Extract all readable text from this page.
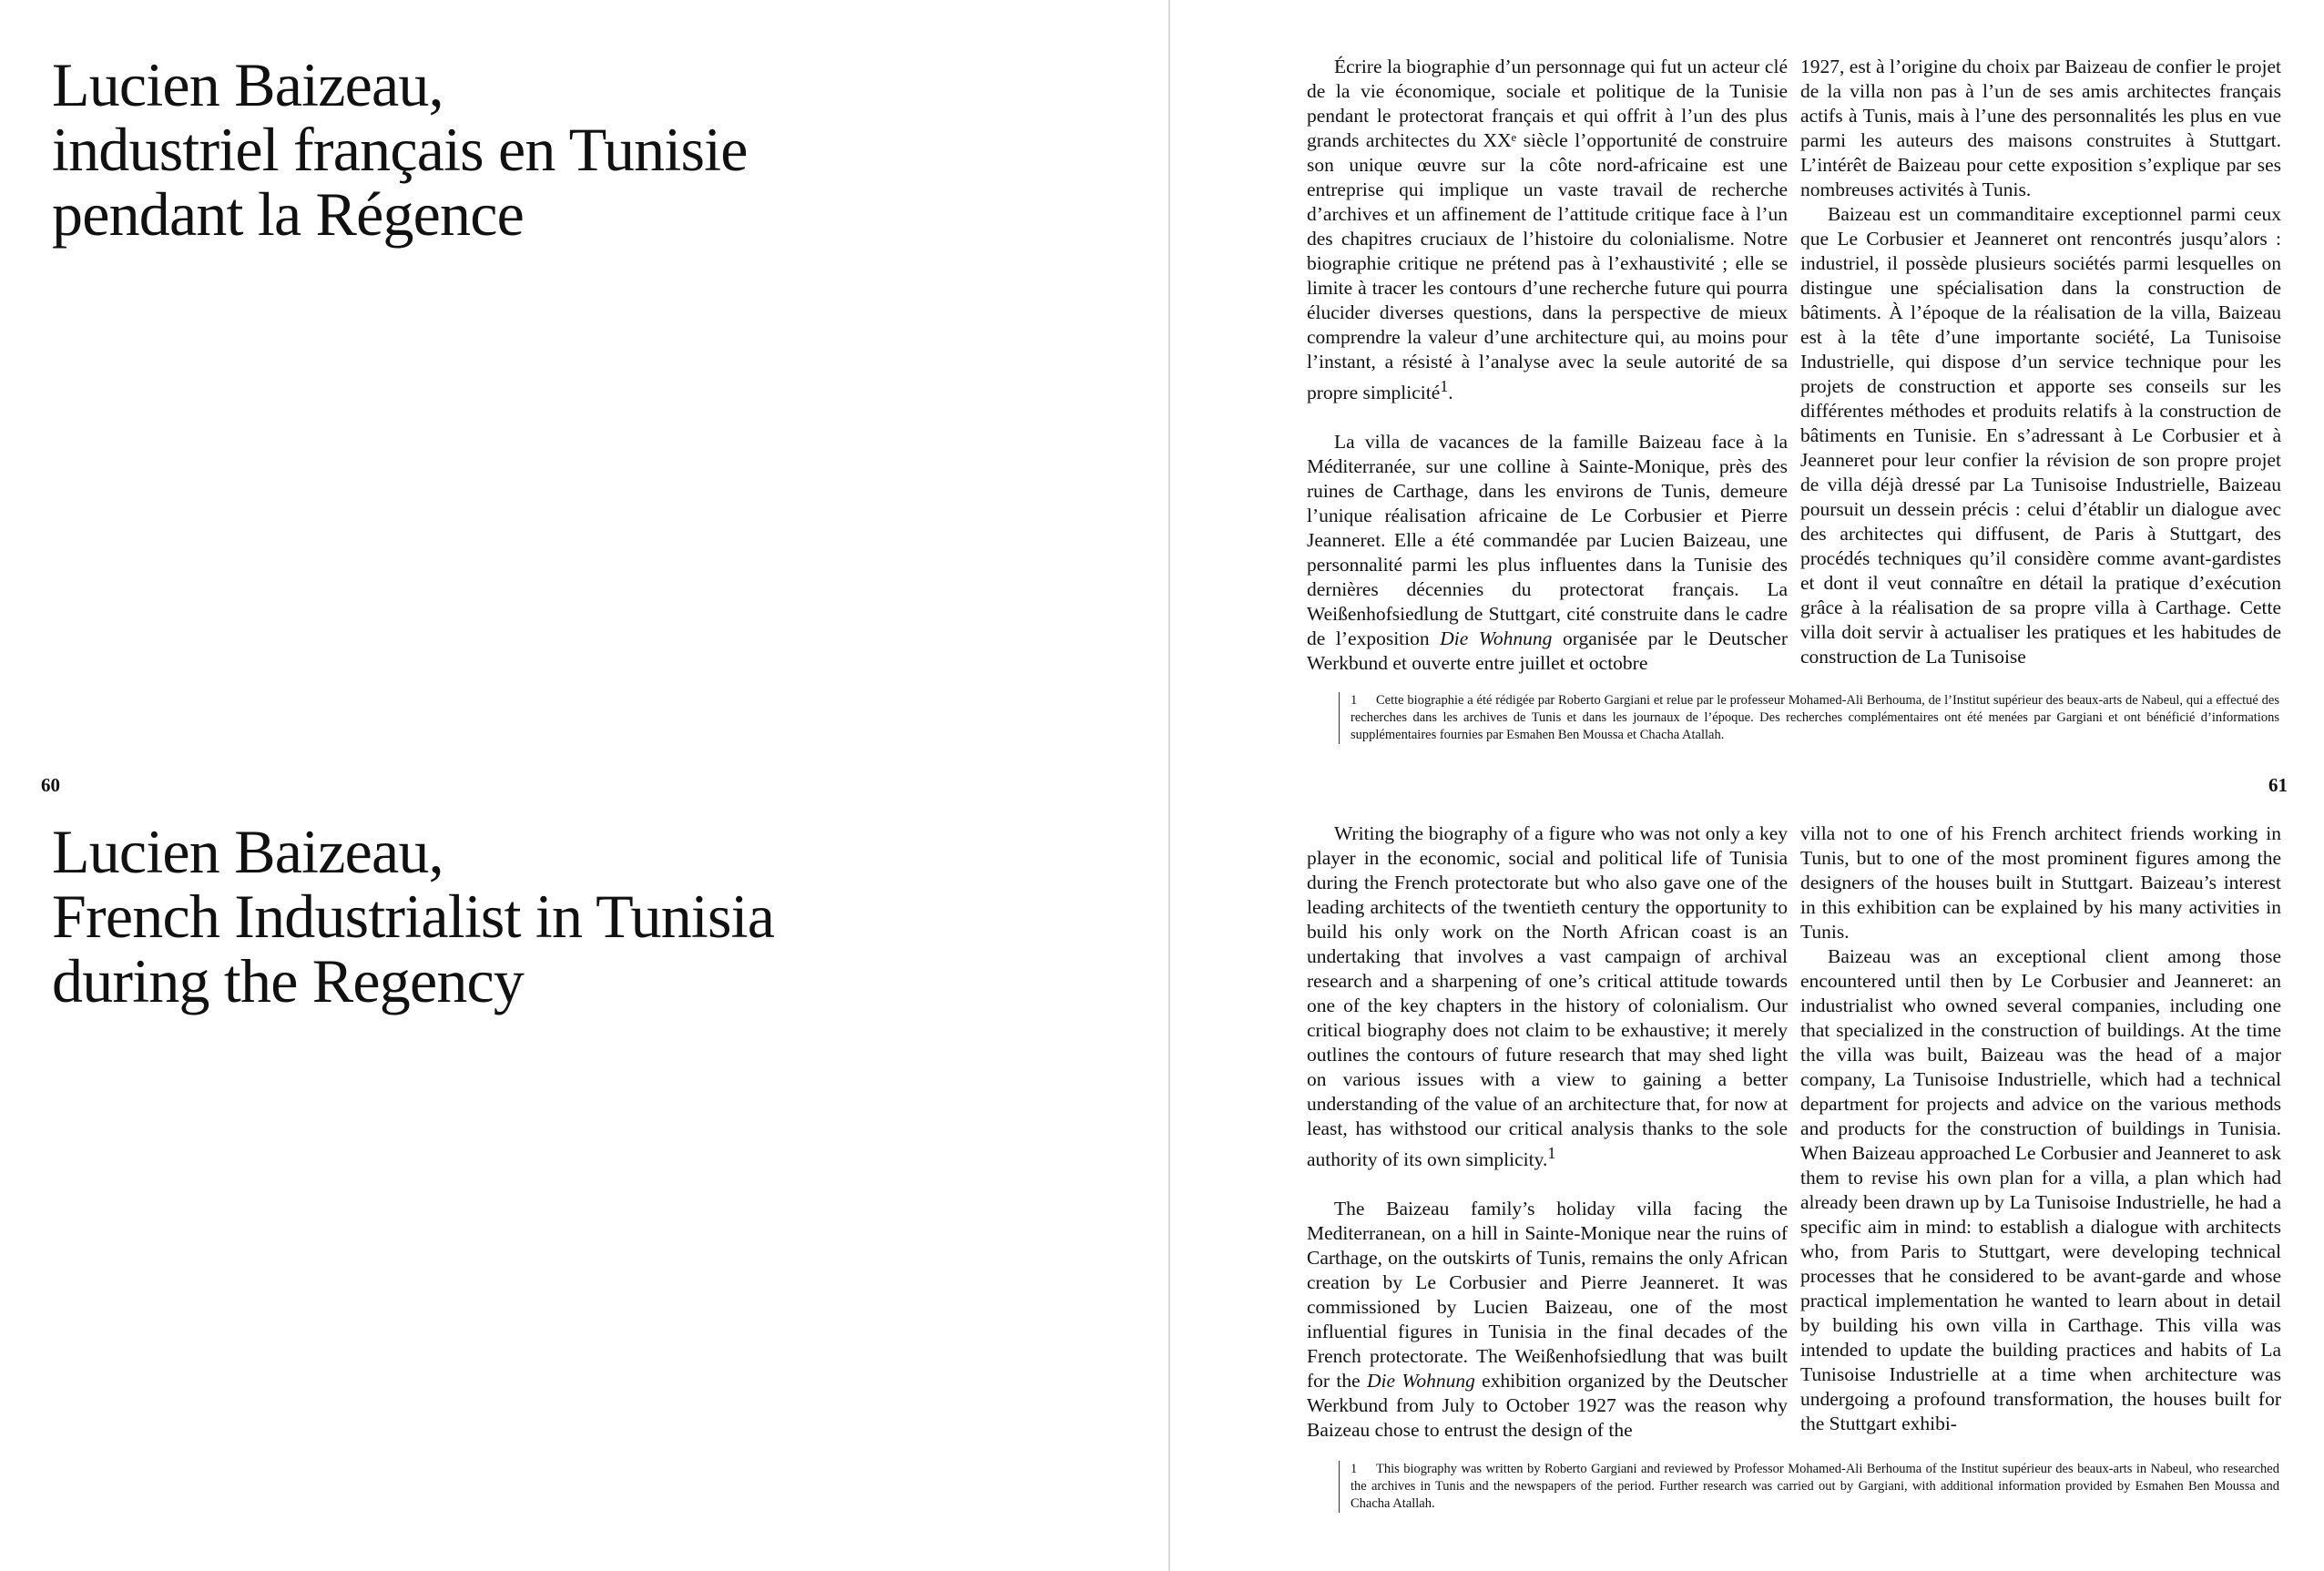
Lucien Baizeau,
industriel français en Tunisie
pendant la Régence
60
Lucien Baizeau,
French Industrialist in Tunisia
during the Regency

Écrire la biographie d’un personnage qui fut un acteur clé de la vie économique, sociale et politique de la Tunisie pendant le protectorat français et qui offrit à l’un des plus grands architectes du XXᵉ siècle l’opportunité de construire son unique œuvre sur la côte nord-africaine est une entreprise qui implique un vaste travail de recherche d’archives et un affinement de l’attitude critique face à l’un des chapitres cruciaux de l’histoire du colonialisme. Notre biographie critique ne prétend pas à l’exhaustivité ; elle se limite à tracer les contours d’une recherche future qui pourra élucider diverses questions, dans la perspective de mieux comprendre la valeur d’une architecture qui, au moins pour l’instant, a résisté à l’analyse avec la seule autorité de sa propre simplicité$^1$.

La villa de vacances de la famille Baizeau face à la Méditerranée, sur une colline à Sainte-Monique, près des ruines de Carthage, dans les environs de Tunis, demeure l’unique réalisation africaine de Le Corbusier et Pierre Jeanneret. Elle a été commandée par Lucien Baizeau, une personnalité parmi les plus influentes dans la Tunisie des dernières décennies du protectorat français. La Weißenhofsiedlung de Stuttgart, cité construite dans le cadre de l’exposition Die Wohnung organisée par le Deutscher Werkbund et ouverte entre juillet et octobre

1927, est à l’origine du choix par Baizeau de confier le projet de la villa non pas à l’un de ses amis architectes français actifs à Tunis, mais à l’une des personnalités les plus en vue parmi les auteurs des maisons construites à Stuttgart. L’intérêt de Baizeau pour cette exposition s’explique par ses nombreuses activités à Tunis.

Baizeau est un commanditaire exceptionnel parmi ceux que Le Corbusier et Jeanneret ont rencontrés jusqu’alors : industriel, il possède plusieurs sociétés parmi lesquelles on distingue une spécialisation dans la construction de bâtiments. À l’époque de la réalisation de la villa, Baizeau est à la tête d’une importante société, La Tunisoise Industrielle, qui dispose d’un service technique pour les projets de construction et apporte ses conseils sur les différentes méthodes et produits relatifs à la construction de bâtiments en Tunisie. En s’adressant à Le Corbusier et à Jeanneret pour leur confier la révision de son propre projet de villa déjà dressé par La Tunisoise Industrielle, Baizeau poursuit un dessein précis : celui d’établir un dialogue avec des architectes qui diffusent, de Paris à Stuttgart, des procédés techniques qu’il considère comme avant-gardistes et dont il veut connaître en détail la pratique d’exécution grâce à la réalisation de sa propre villa à Carthage. Cette villa doit servir à actualiser les pratiques et les habitudes de construction de La Tunisoise

1 Cette biographie a été rédigée par Roberto Gargiani et relue par le professeur Mohamed-Ali Berhouma, de l’Institut supérieur des beaux-arts de Nabeul, qui a effectué des recherches dans les archives de Tunis et dans les journaux de l’époque. Des recherches complémentaires ont été menées par Gargiani et ont bénéficié d’informations supplémentaires fournies par Esmahen Ben Moussa et Chacha Atallah.
61

Writing the biography of a figure who was not only a key player in the economic, social and political life of Tunisia during the French protectorate but who also gave one of the leading architects of the twentieth century the opportunity to build his only work on the North African coast is an undertaking that involves a vast campaign of archival research and a sharpening of one’s critical attitude towards one of the key chapters in the history of colonialism. Our critical biography does not claim to be exhaustive; it merely outlines the contours of future research that may shed light on various issues with a view to gaining a better understanding of the value of an architecture that, for now at least, has withstood our critical analysis thanks to the sole authority of its own simplicity.$^1$

The Baizeau family’s holiday villa facing the Mediterranean, on a hill in Sainte-Monique near the ruins of Carthage, on the outskirts of Tunis, remains the only African creation by Le Corbusier and Pierre Jeanneret. It was commissioned by Lucien Baizeau, one of the most influential figures in Tunisia in the final decades of the French protectorate. The Weißenhofsiedlung that was built for the Die Wohnung exhibition organized by the Deutscher Werkbund from July to October 1927 was the reason why Baizeau chose to entrust the design of the

villa not to one of his French architect friends working in Tunis, but to one of the most prominent figures among the designers of the houses built in Stuttgart. Baizeau’s interest in this exhibition can be explained by his many activities in Tunis.

Baizeau was an exceptional client among those encountered until then by Le Corbusier and Jeanneret: an industrialist who owned several companies, including one that specialized in the construction of buildings. At the time the villa was built, Baizeau was the head of a major company, La Tunisoise Industrielle, which had a technical department for projects and advice on the various methods and products for the construction of buildings in Tunisia. When Baizeau approached Le Corbusier and Jeanneret to ask them to revise his own plan for a villa, a plan which had already been drawn up by La Tunisoise Industrielle, he had a specific aim in mind: to establish a dialogue with architects who, from Paris to Stuttgart, were developing technical processes that he considered to be avant-garde and whose practical implementation he wanted to learn about in detail by building his own villa in Carthage. This villa was intended to update the building practices and habits of La Tunisoise Industrielle at a time when architecture was undergoing a profound transformation, the houses built for the Stuttgart exhibi-

1 This biography was written by Roberto Gargiani and reviewed by Professor Mohamed-Ali Berhouma of the Institut supérieur des beaux-arts in Nabeul, who researched the archives in Tunis and the newspapers of the period. Further research was carried out by Gargiani, with additional information provided by Esmahen Ben Moussa and Chacha Atallah.
